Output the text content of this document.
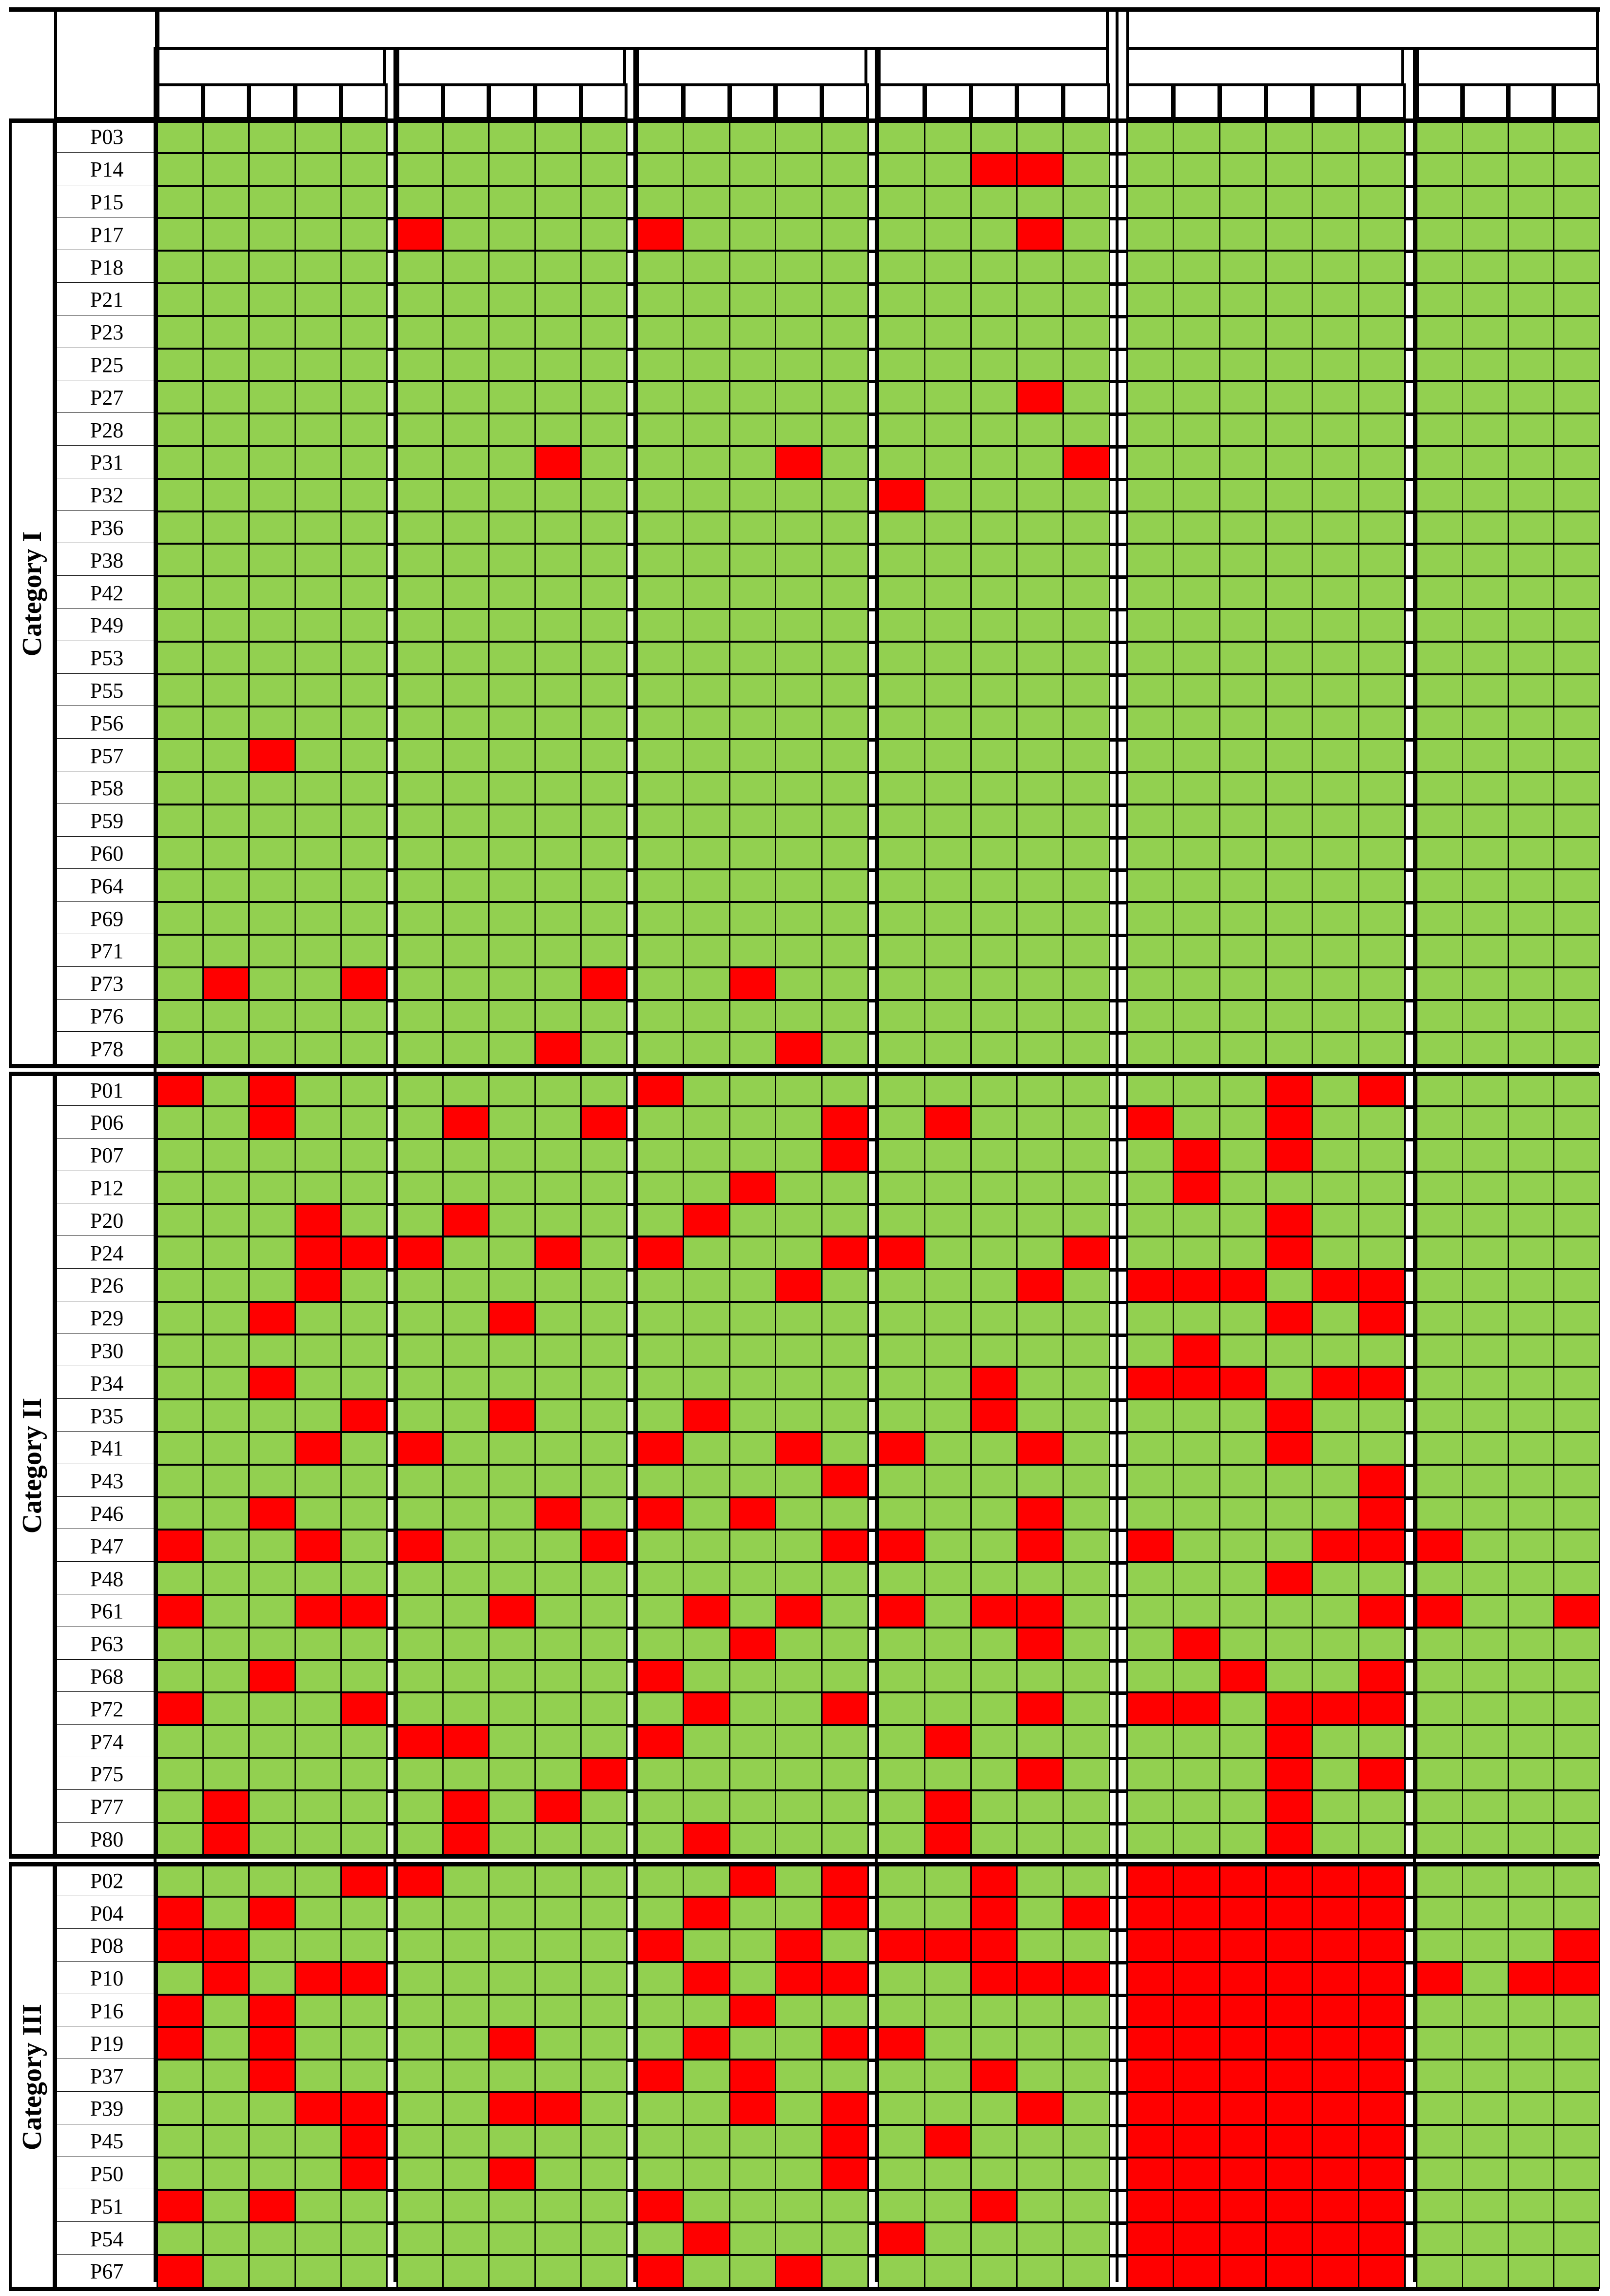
Category I
P03
P14
P15
P17
P18
P21
P23
P25
P27
P28
P31
P32
P36
P38
P42
P49
P53
P55
P56
P57
P58
P59
P60
P64
P69
P71
P73
P76
P78
Category II
P01
P06
P07
P12
P20
P24
P26
P29
P30
P34
P35
P41
P43
P46
P47
P48
P61
P63
P68
P72
P74
P75
P77
P80
Category III
P02
P04
P08
P10
P16
P19
P37
P39
P45
P50
P51
P54
P67
